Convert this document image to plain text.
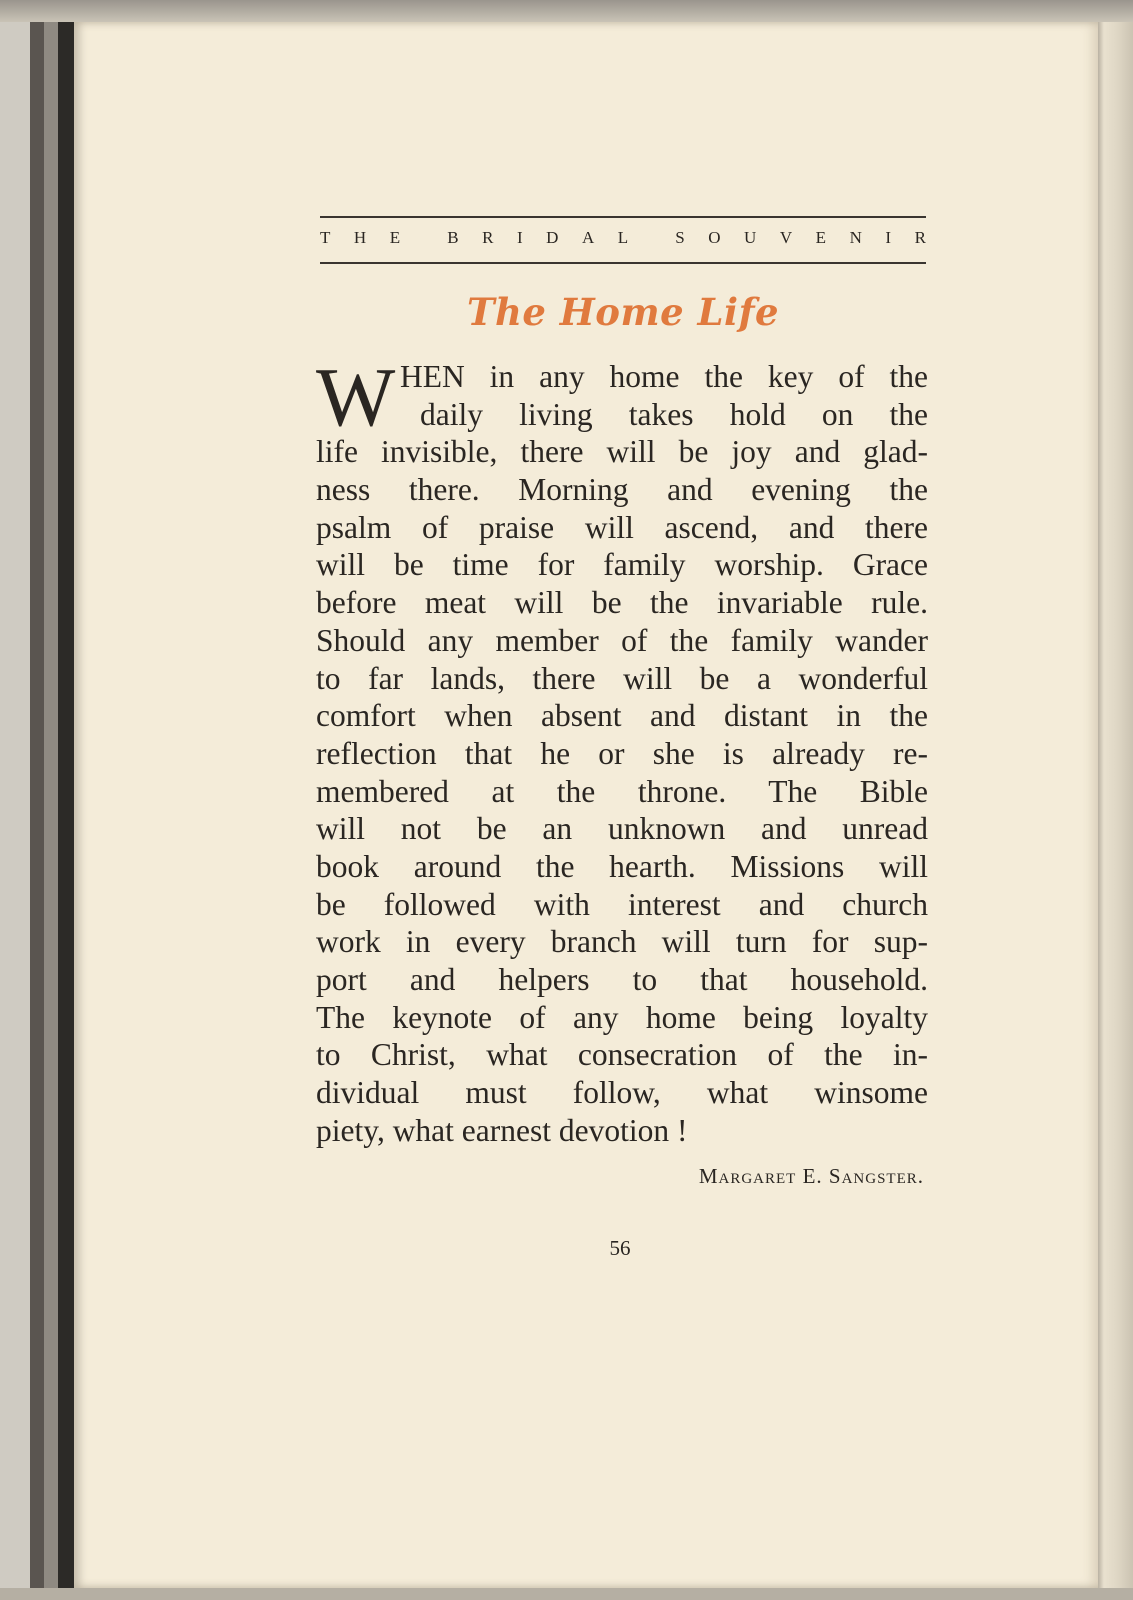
T H E	B R I D A L	S O U V E N I R
The Home Life
W HEN in any home the key of the
daily living takes hold on the
life invisible, there will be joy and glad-
ness there. Morning and evening the
psalm of praise will ascend, and there
will be time for family worship. Grace
before meat will be the invariable rule.
Should any member of the family wander
to far lands, there will be a wonderful
comfort when absent and distant in the
reflection that he or she is already re-
membered at the throne. The Bible
will not be an unknown and unread
book around the hearth. Missions will
be followed with interest and church
work in every branch will turn for sup-
port and helpers to that household.
The keynote of any home being loyalty
to Christ, what consecration of the in-
dividual must follow, what winsome
piety, what earnest devotion !
Margaret E. Sangster.
56
